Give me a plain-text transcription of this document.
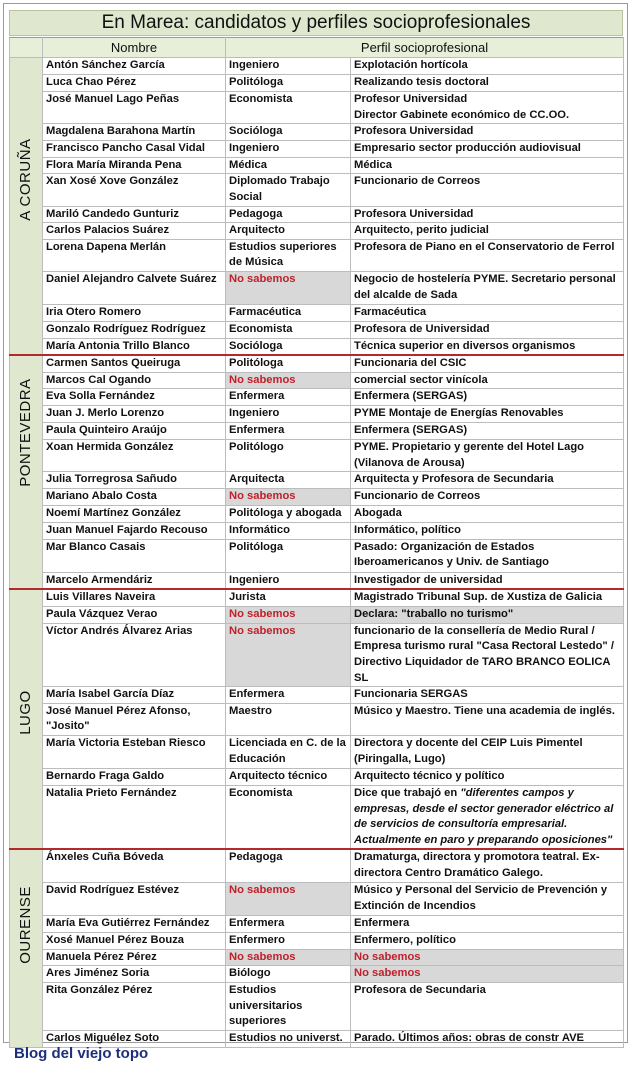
En Marea: candidatos y perfiles socioprofesionales
	Nombre	Perfil socioprofesional	

A CORUÑA	Antón Sánchez García	Ingeniero	Explotación hortícola
	Luca Chao Pérez	Politóloga	Realizando tesis doctoral
	José Manuel Lago Peñas	Economista	Profesor Universidad
Director Gabinete económico de CC.OO.
	Magdalena Barahona Martín	Socióloga	Profesora Universidad
	Francisco Pancho Casal Vidal	Ingeniero	Empresario sector producción audiovisual
	Flora María Miranda Pena	Médica	Médica
	Xan Xosé Xove González	Diplomado Trabajo Social	Funcionario de Correos
	Mariló Candedo Gunturiz	Pedagoga	Profesora Universidad
	Carlos Palacios Suárez	Arquitecto	Arquitecto, perito judicial
	Lorena Dapena Merlán	Estudios superiores de Música	Profesora de Piano en el Conservatorio de Ferrol
	Daniel Alejandro Calvete Suárez	No sabemos	Negocio de hostelería PYME. Secretario personal del alcalde de Sada
	Iria Otero Romero	Farmacéutica	Farmacéutica
	Gonzalo Rodríguez Rodríguez	Economista	Profesora de Universidad
	María Antonia Trillo Blanco	Socióloga	Técnica superior en diversos organismos

PONTEVEDRA	Carmen Santos Queiruga	Politóloga	Funcionaria del CSIC
	Marcos Cal Ogando	No sabemos	comercial sector vinícola
	Eva Solla Fernández	Enfermera	Enfermera (SERGAS)
	Juan J. Merlo Lorenzo	Ingeniero	PYME Montaje de Energías Renovables
	Paula Quinteiro Araújo	Enfermera	Enfermera (SERGAS)
	Xoan Hermida González	Politólogo	PYME. Propietario y gerente del Hotel Lago (Vilanova de Arousa)
	Julia Torregrosa Sañudo	Arquitecta	Arquitecta y Profesora de Secundaria
	Mariano Abalo Costa	No sabemos	Funcionario de Correos
	Noemí Martínez González	Politóloga y abogada	Abogada
	Juan Manuel Fajardo Recouso	Informático	Informático, político
	Mar Blanco Casais	Politóloga	Pasado: Organización de Estados Iberoamericanos y Univ. de Santiago
	Marcelo Armendáriz	Ingeniero	Investigador de universidad

LUGO	Luis Villares Naveira	Jurista	Magistrado Tribunal Sup. de Xustiza de Galicia
	Paula Vázquez Verao	No sabemos	Declara: "traballo no turismo"
	Víctor Andrés Álvarez Arias	No sabemos	funcionario de la consellería de Medio Rural / Empresa turismo rural "Casa Rectoral Lestedo" / Directivo Liquidador de TARO BRANCO EOLICA SL
	María Isabel García Díaz	Enfermera	Funcionaria SERGAS
	José Manuel Pérez Afonso, "Josito"	Maestro	Músico y Maestro. Tiene una academia de inglés.
	María Victoria Esteban Riesco	Licenciada en C. de la Educación	Directora y docente del CEIP Luis Pimentel (Piringalla, Lugo)
	Bernardo Fraga Galdo	Arquitecto técnico	Arquitecto técnico y político
	Natalia Prieto Fernández	Economista	Dice que trabajó en "diferentes campos y empresas, desde el sector generador eléctrico al de servicios de consultoría empresarial. Actualmente en paro y preparando oposiciones"

OURENSE	Ánxeles Cuña Bóveda	Pedagoga	Dramaturga, directora y promotora teatral. Ex-directora Centro Dramático Galego.
	David Rodríguez Estévez	No sabemos	Músico y Personal del Servicio de Prevención y Extinción de Incendios
	María Eva Gutiérrez Fernández	Enfermera	Enfermera
	Xosé Manuel Pérez Bouza	Enfermero	Enfermero, político
	Manuela Pérez Pérez	No sabemos	No sabemos
	Ares Jiménez Soria	Biólogo	No sabemos
	Rita González Pérez	Estudios universitarios superiores	Profesora de Secundaria
	Carlos Miguélez Soto	Estudios no universt.	Parado. Últimos años: obras de constr AVE
Blog del viejo topo
